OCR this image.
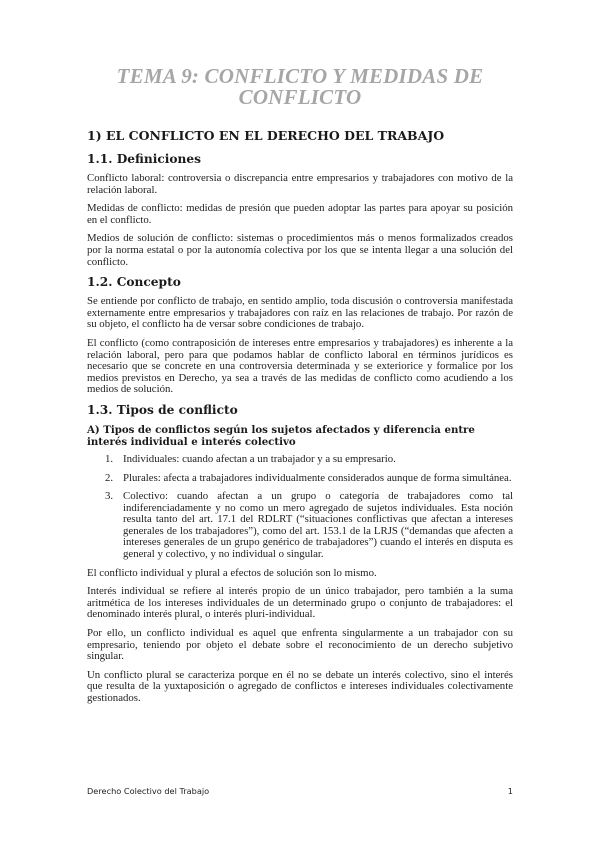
TEMA 9: CONFLICTO Y MEDIDAS DE CONFLICTO
1) EL CONFLICTO EN EL DERECHO DEL TRABAJO
1.1. Definiciones

Conflicto laboral: controversia o discrepancia entre empresarios y trabajadores con motivo de la relación laboral.

Medidas de conflicto: medidas de presión que pueden adoptar las partes para apoyar su posición en el conflicto.

Medios de solución de conflicto: sistemas o procedimientos más o menos formalizados creados por la norma estatal o por la autonomía colectiva por los que se intenta llegar a una solución del conflicto.

1.2. Concepto

Se entiende por conflicto de trabajo, en sentido amplio, toda discusión o controversia manifestada externamente entre empresarios y trabajadores con raíz en las relaciones de trabajo. Por razón de su objeto, el conflicto ha de versar sobre condiciones de trabajo.

El conflicto (como contraposición de intereses entre empresarios y trabajadores) es inherente a la relación laboral, pero para que podamos hablar de conflicto laboral en términos jurídicos es necesario que se concrete en una controversia determinada y se exteriorice y formalice por los medios previstos en Derecho, ya sea a través de las medidas de conflicto como acudiendo a los medios de solución.

1.3. Tipos de conflicto
A) Tipos de conflictos según los sujetos afectados y diferencia entre interés individual e interés colectivo
1. Individuales: cuando afectan a un trabajador y a su empresario.
2. Plurales: afecta a trabajadores individualmente considerados aunque de forma simultánea.
3. Colectivo: cuando afectan a un grupo o categoría de trabajadores como tal indiferenciadamente y no como un mero agregado de sujetos individuales. Esta noción resulta tanto del art. 17.1 del RDLRT (“situaciones conflictivas que afectan a intereses generales de los trabajadores”), como del art. 153.1 de la LRJS (“demandas que afecten a intereses generales de un grupo genérico de trabajadores”) cuando el interés en disputa es general y colectivo, y no individual o singular.

El conflicto individual y plural a efectos de solución son lo mismo.

Interés individual se refiere al interés propio de un único trabajador, pero también a la suma aritmética de los intereses individuales de un determinado grupo o conjunto de trabajadores: el denominado interés plural, o interés pluri-individual.

Por ello, un conflicto individual es aquel que enfrenta singularmente a un trabajador con su empresario, teniendo por objeto el debate sobre el reconocimiento de un derecho subjetivo singular.

Un conflicto plural se caracteriza porque en él no se debate un interés colectivo, sino el interés que resulta de la yuxtaposición o agregado de conflictos e intereses individuales colectivamente gestionados.

Derecho Colectivo del Trabajo	1
